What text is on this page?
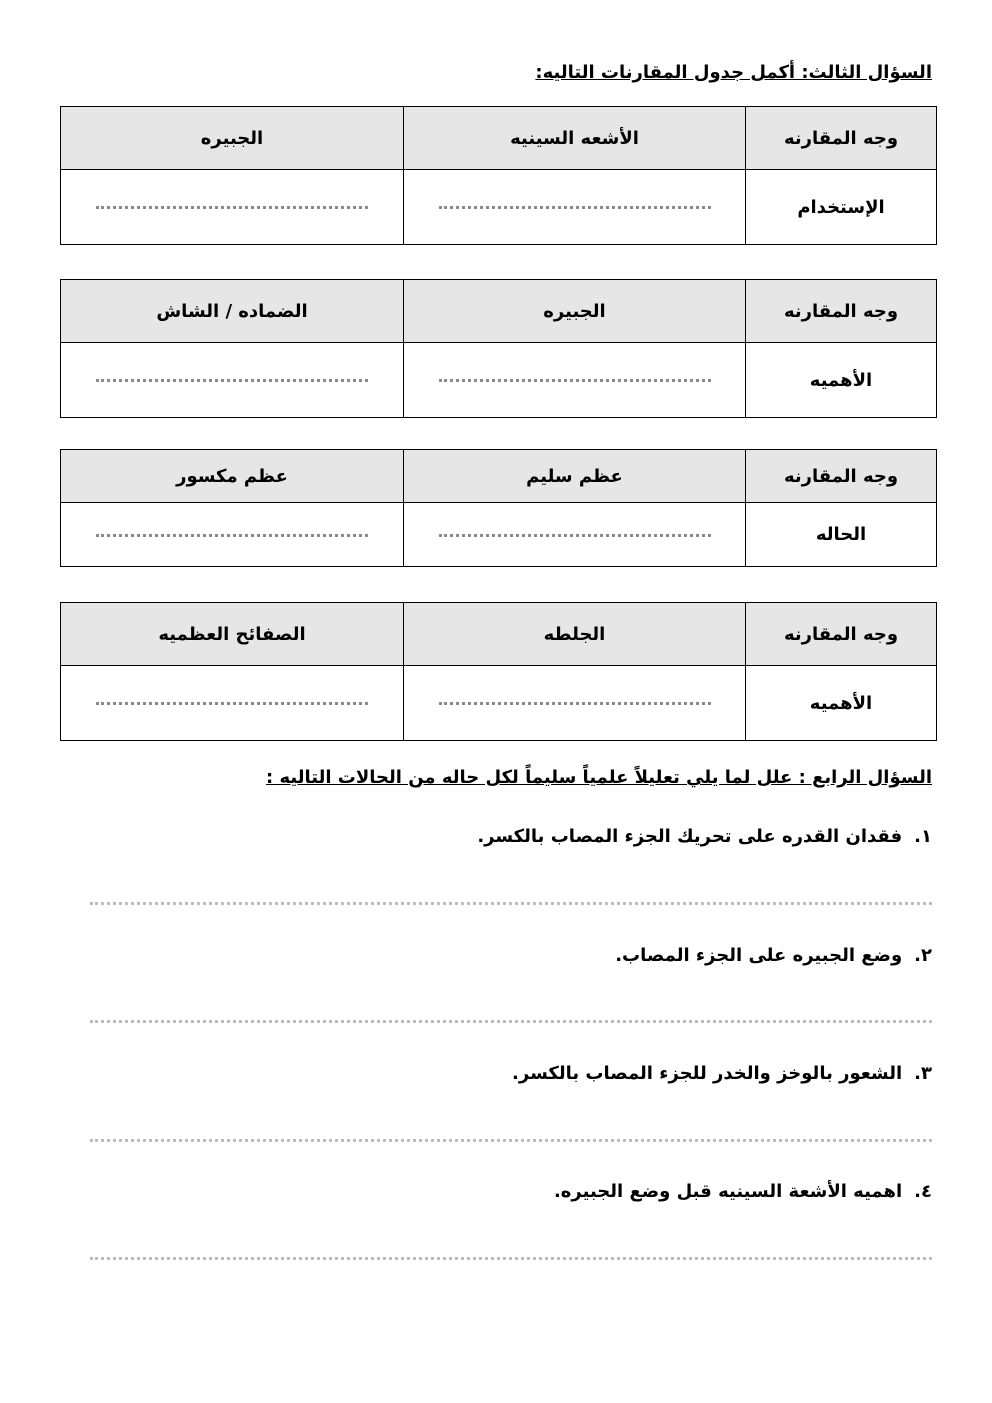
السؤال الثالث: أكمل جدول المقارنات التاليه:
وجه المقارنه	الأشعه السينيه	الجبيره
الإستخدام		
وجه المقارنه	الجبيره	الضماده / الشاش
الأهميه		
وجه المقارنه	عظم سليم	عظم مكسور
الحاله		
وجه المقارنه	الجلطه	الصفائح العظميه
الأهميه		
السؤال الرابع : علل لما يلي تعليلاً علمياً سليماً لكل حاله من الحالات التاليه :
١.فقدان القدره على تحريك الجزء المصاب بالكسر.
٢.وضع الجبيره على الجزء المصاب.
٣.الشعور بالوخز والخدر للجزء المصاب بالكسر.
٤.اهميه الأشعة السينيه قبل وضع الجبيره.
